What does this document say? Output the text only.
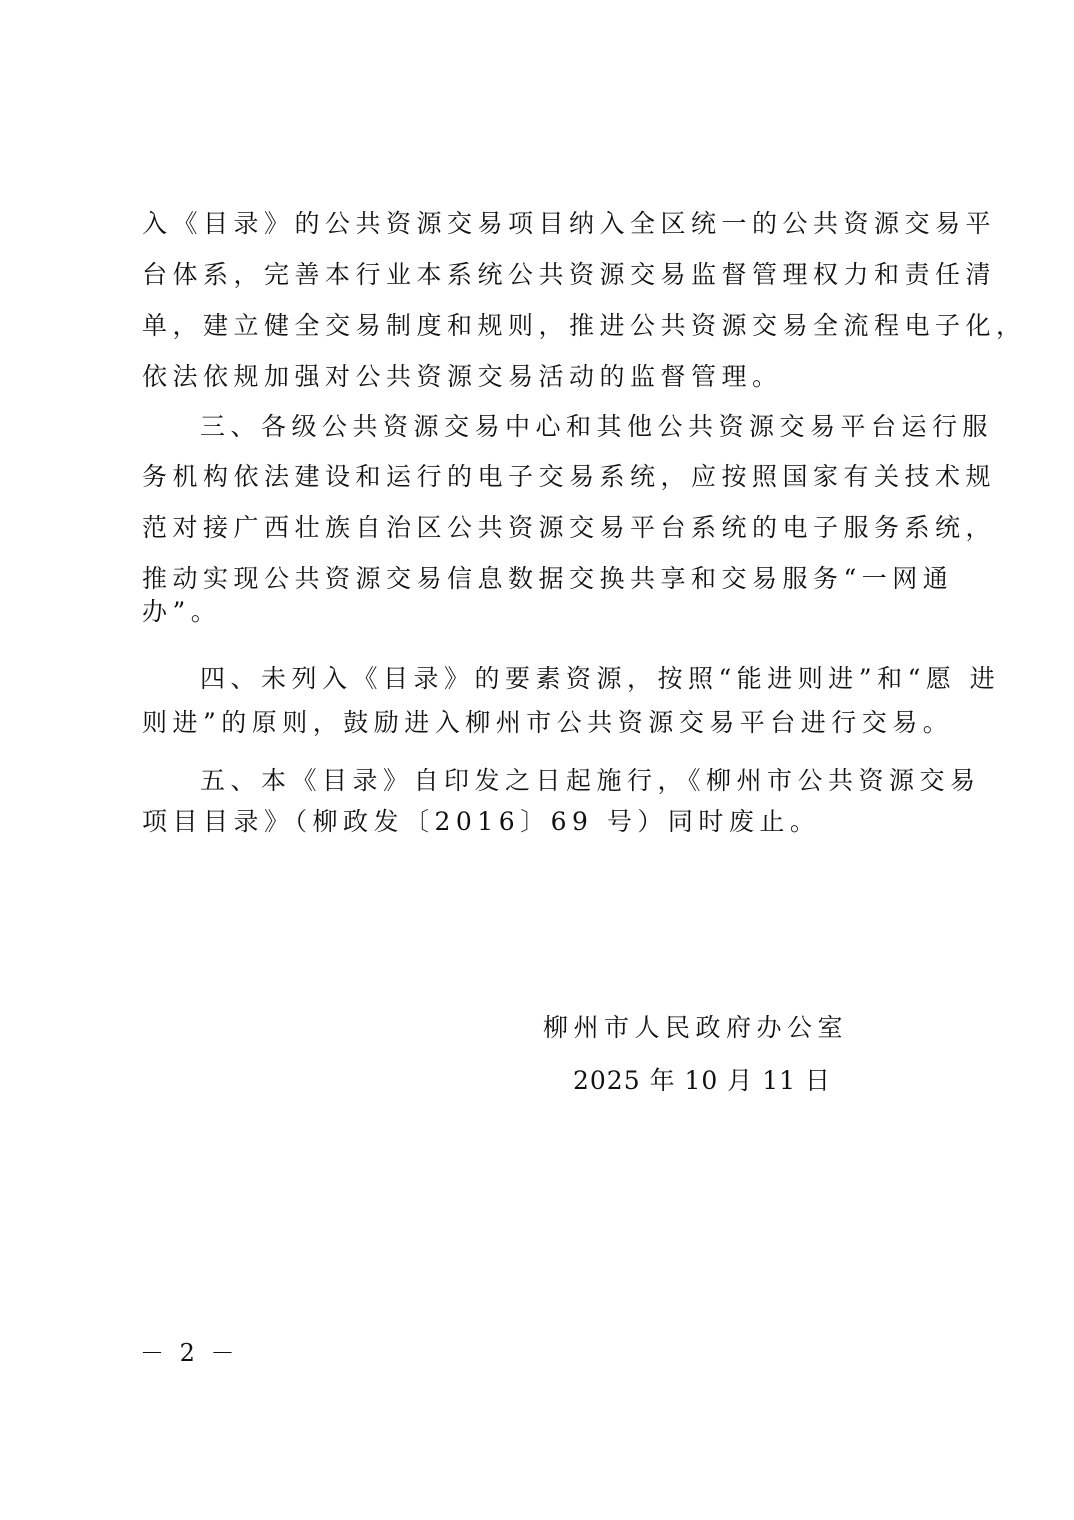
入《目录》的公共资源交易项目纳入全区统一的公共资源交易平
台体系，完善本行业本系统公共资源交易监督管理权力和责任清
单，建立健全交易制度和规则，推进公共资源交易全流程电子化，
依法依规加强对公共资源交易活动的监督管理。
三、各级公共资源交易中心和其他公共资源交易平台运行服
务机构依法建设和运行的电子交易系统，应按照国家有关技术规
范对接广西壮族自治区公共资源交易平台系统的电子服务系统，
推动实现公共资源交易信息数据交换共享和交易服务“一网通
办”。
四、未列入《目录》的要素资源，按照“能进则进”和“愿 进
则进”的原则，鼓励进入柳州市公共资源交易平台进行交易。
五、本《目录》自印发之日起施行，《柳州市公共资源交易
项目目录》（柳政发〔2016〕69 号）同时废止。
柳州市人民政府办公室
2025 年 10 月 11 日
－ 2 －
